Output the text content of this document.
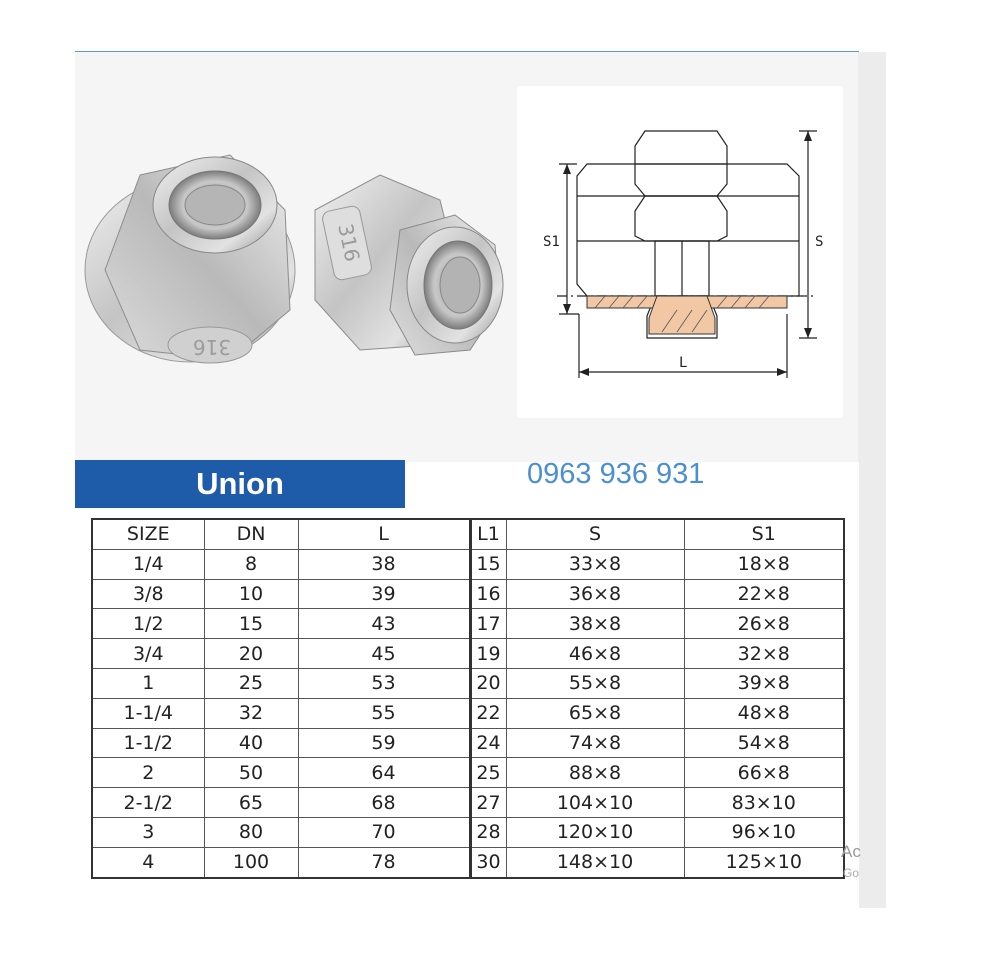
316
316	S1	S
L
Union	0963 936 931
SIZE	DN	L	L1	S	S1
1/4	8	38	15	33×8	18×8
3/8	10	39	16	36×8	22×8
1/2	15	43	17	38×8	26×8
3/4	20	45	19	46×8	32×8
1	25	53	20	55×8	39×8
1-1/4	32	55	22	65×8	48×8
1-1/2	40	59	24	74×8	54×8
2	50	64	25	88×8	66×8
2-1/2	65	68	27	104×10	83×10
3	80	70	28	120×10	96×10
4	100	78	30	148×10	125×10 Ac
Go
